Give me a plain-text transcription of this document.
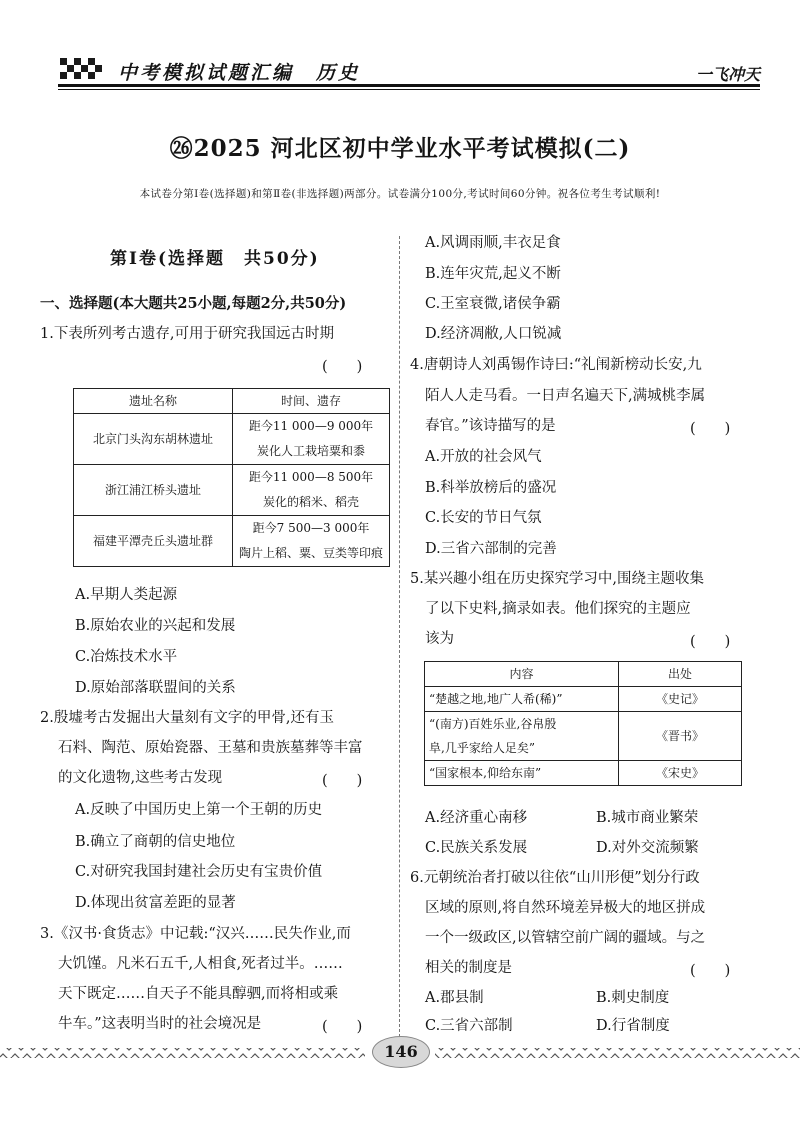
中考模拟试题汇编　历史	一飞冲天
㉖2025 河北区初中学业水平考试模拟(二)
本试卷分第Ⅰ卷(选择题)和第Ⅱ卷(非选择题)两部分。试卷满分100分,考试时间60分钟。祝各位考生考试顺利!
第Ⅰ卷(选择题　共50分)
一、选择题(本大题共25小题,每题2分,共50分)
1.下表所列考古遗存,可用于研究我国远古时期
(　　)
遗址名称	时间、遗存
北京门头沟东胡林遗址	距今11 000—9 000年
炭化人工栽培粟和黍

浙江浦江桥头遗址	距今11 000—8 500年
炭化的稻米、稻壳

福建平潭壳丘头遗址群	距今7 500—3 000年
陶片上稻、粟、豆类等印痕
A.早期人类起源
B.原始农业的兴起和发展
C.冶炼技术水平
D.原始部落联盟间的关系
2.殷墟考古发掘出大量刻有文字的甲骨,还有玉
石料、陶范、原始瓷器、王墓和贵族墓葬等丰富
的文化遗物,这些考古发现	(　　)
A.反映了中国历史上第一个王朝的历史
B.确立了商朝的信史地位
C.对研究我国封建社会历史有宝贵价值
D.体现出贫富差距的显著
3.《汉书·食货志》中记载:“汉兴……民失作业,而
大饥馑。凡米石五千,人相食,死者过半。……
天下既定……自天子不能具醇驷,而将相或乘
牛车。”这表明当时的社会境况是	(　　)
A.风调雨顺,丰衣足食
B.连年灾荒,起义不断
C.王室衰微,诸侯争霸
D.经济凋敝,人口锐减
4.唐朝诗人刘禹锡作诗曰:“礼闱新榜动长安,九
陌人人走马看。一日声名遍天下,满城桃李属
春官。”该诗描写的是	(　　)
A.开放的社会风气
B.科举放榜后的盛况
C.长安的节日气氛
D.三省六部制的完善
5.某兴趣小组在历史探究学习中,围绕主题收集
了以下史料,摘录如表。他们探究的主题应
该为	(　　)
内容	出处
“楚越之地,地广人希(稀)”	《史记》

“(南方)百姓乐业,谷帛殷
阜,几乎家给人足矣”	《晋书》
“国家根本,仰给东南”	《宋史》
A.经济重心南移	B.城市商业繁荣
C.民族关系发展	D.对外交流频繁
6.元朝统治者打破以往依“山川形便”划分行政
区域的原则,将自然环境差异极大的地区拼成
一个一级政区,以管辖空前广阔的疆域。与之
相关的制度是	(　　)
A.郡县制	B.刺史制度
C.三省六部制	D.行省制度
146
